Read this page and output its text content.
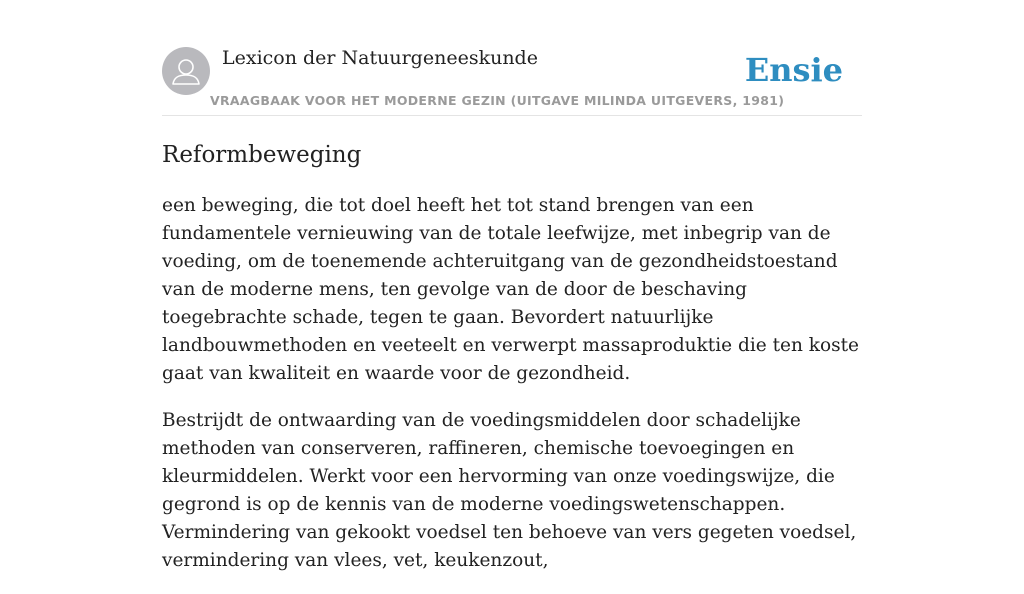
Lexicon der Natuurgeneeskunde
VRAAGBAAK VOOR HET MODERNE GEZIN (UITGAVE MILINDA UITGEVERS, 1981)
Ensie
Reformbeweging

een beweging, die tot doel heeft het tot stand brengen van een fundamentele vernieuwing van de totale leefwijze, met inbegrip van de voeding, om de toenemende achteruitgang van de gezondheidstoestand van de moderne mens, ten gevolge van de door de beschaving toegebrachte schade, tegen te gaan. Bevordert natuurlijke landbouwmethoden en veeteelt en verwerpt massaproduktie die ten koste gaat van kwaliteit en waarde voor de gezondheid.

Bestrijdt de ontwaarding van de voedingsmiddelen door schadelijke methoden van conserveren, raffineren, chemische toevoegingen en kleurmiddelen. Werkt voor een hervorming van onze voedingswijze, die gegrond is op de kennis van de moderne voedingswetenschappen. Vermindering van gekookt voedsel ten behoeve van vers gegeten voedsel, vermindering van vlees, vet, keukenzout,
